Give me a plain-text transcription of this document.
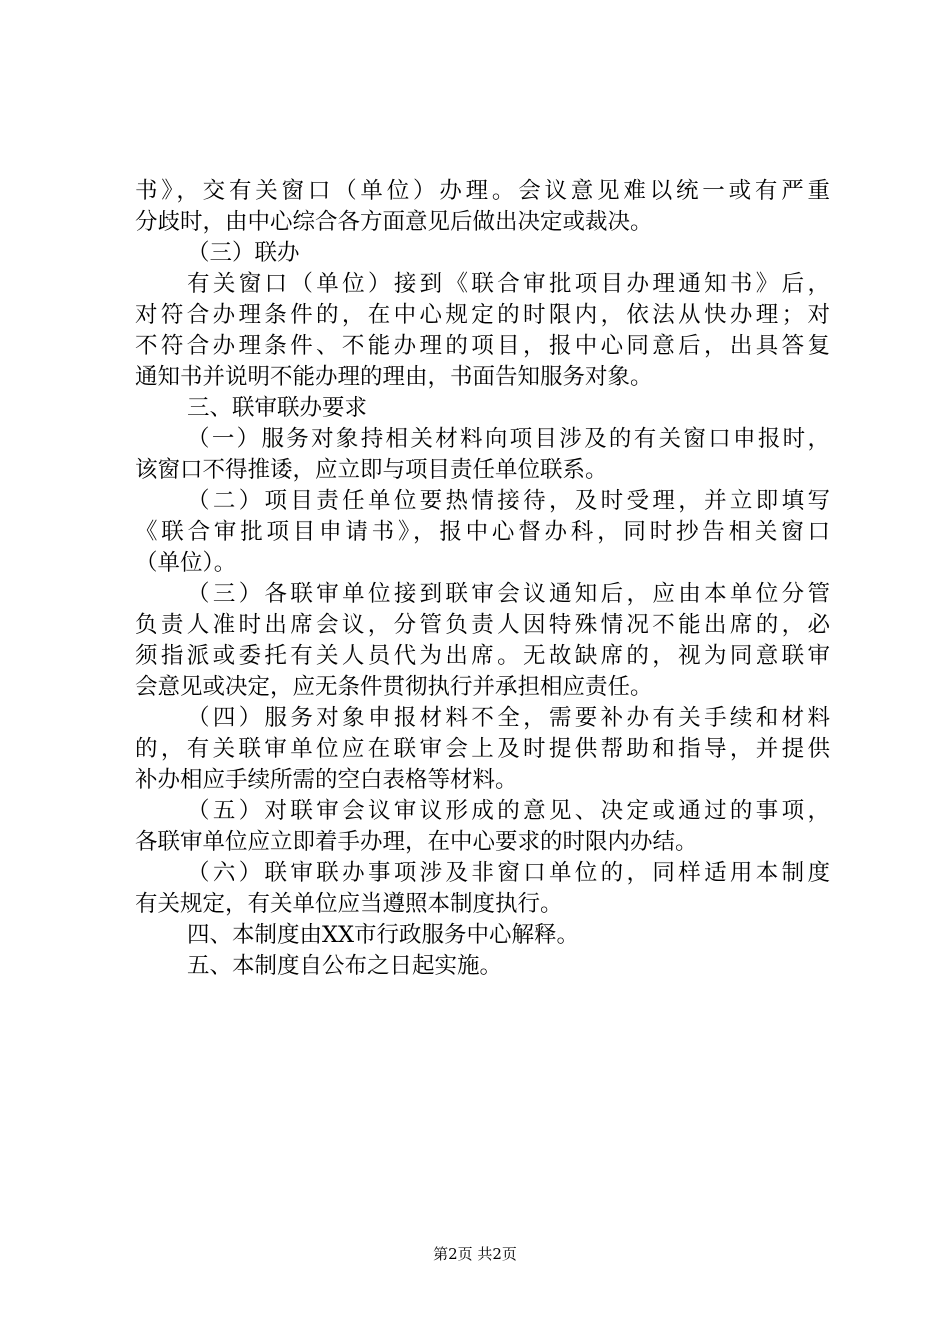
书》，交有关窗口（单位）办理。会议意见难以统一或有严重
分歧时，由中心综合各方面意见后做出决定或裁决。
（三）联办
有关窗口（单位）接到《联合审批项目办理通知书》后，
对符合办理条件的，在中心规定的时限内，依法从快办理；对
不符合办理条件、不能办理的项目，报中心同意后，出具答复
通知书并说明不能办理的理由，书面告知服务对象。
三、联审联办要求
（一）服务对象持相关材料向项目涉及的有关窗口申报时，
该窗口不得推诿，应立即与项目责任单位联系。
（二）项目责任单位要热情接待，及时受理，并立即填写
《联合审批项目申请书》，报中心督办科，同时抄告相关窗口
（单位）。
（三）各联审单位接到联审会议通知后，应由本单位分管
负责人准时出席会议，分管负责人因特殊情况不能出席的，必
须指派或委托有关人员代为出席。无故缺席的，视为同意联审
会意见或决定，应无条件贯彻执行并承担相应责任。
（四）服务对象申报材料不全，需要补办有关手续和材料
的，有关联审单位应在联审会上及时提供帮助和指导，并提供
补办相应手续所需的空白表格等材料。
（五）对联审会议审议形成的意见、决定或通过的事项，
各联审单位应立即着手办理，在中心要求的时限内办结。
（六）联审联办事项涉及非窗口单位的，同样适用本制度
有关规定，有关单位应当遵照本制度执行。
四、本制度由XX市行政服务中心解释。
五、本制度自公布之日起实施。
第2页 共2页
